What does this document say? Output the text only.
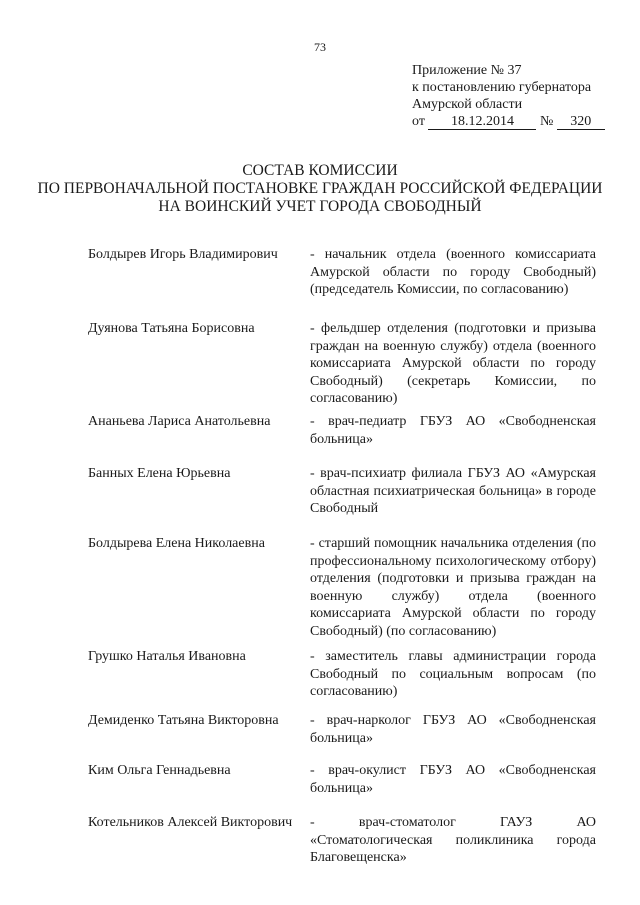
73
Приложение № 37
к постановлению губернатора
Амурской области
от 18.12.2014 № 320
СОСТАВ КОМИССИИ
ПО ПЕРВОНАЧАЛЬНОЙ ПОСТАНОВКЕ ГРАЖДАН РОССИЙСКОЙ ФЕДЕРАЦИИ
НА ВОИНСКИЙ УЧЕТ ГОРОДА СВОБОДНЫЙ
Болдырев Игорь Владимирович	- начальник отдела (военного комиссариата Амурской области по городу Свободный) (председатель Комиссии, по согласованию)
Дуянова Татьяна Борисовна	- фельдшер отделения (подготовки и призыва граждан на военную службу) отдела (военного комиссариата Амурской области по городу Свободный) (секретарь Комиссии, по согласованию)
Ананьева Лариса Анатольевна	- врач-педиатр ГБУЗ АО «Свободненская больница»
Банных Елена Юрьевна	- врач-психиатр филиала ГБУЗ АО «Амурская областная психиатрическая больница» в городе Свободный
Болдырева Елена Николаевна	- старший помощник начальника отделения (по профессиональному психологическому отбору) отделения (подготовки и призыва граждан на военную службу) отдела (военного комиссариата Амурской области по городу Свободный) (по согласованию)
Грушко Наталья Ивановна	- заместитель главы администрации города Свободный по социальным вопросам (по согласованию)
Демиденко Татьяна Викторовна	- врач-нарколог ГБУЗ АО «Свободненская больница»
Ким Ольга Геннадьевна	- врач-окулист ГБУЗ АО «Свободненская больница»
Котельников Алексей Викторович	- врач-стоматолог ГАУЗ АО «Стоматологическая поликлиника города Благовещенска»
